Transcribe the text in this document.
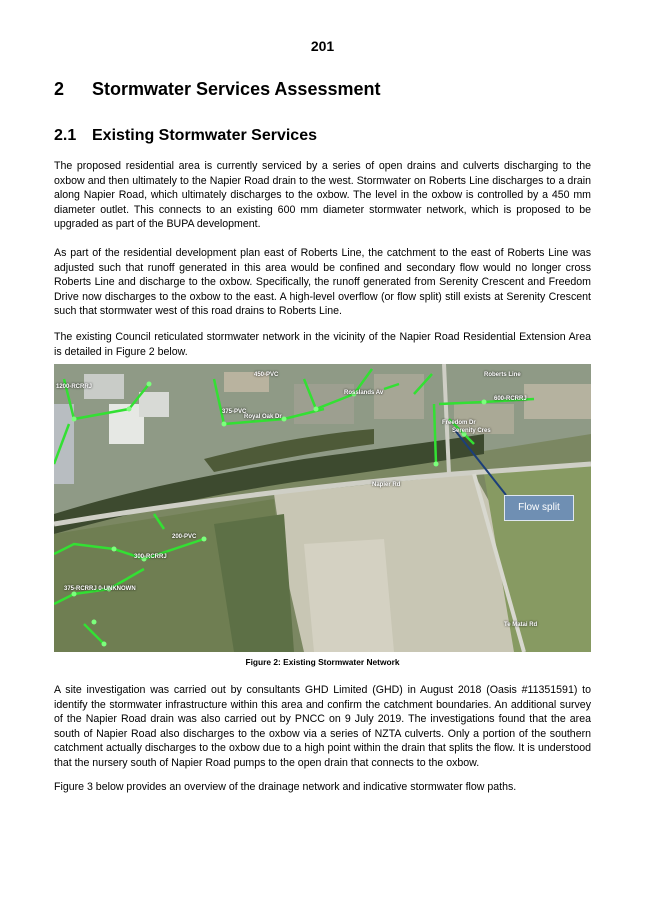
201
2 Stormwater Services Assessment
2.1 Existing Stormwater Services

The proposed residential area is currently serviced by a series of open drains and culverts discharging to the oxbow and then ultimately to the Napier Road drain to the west. Stormwater on Roberts Line discharges to a drain along Napier Road, which ultimately discharges to the oxbow. The level in the oxbow is controlled by a 450 mm diameter outlet. This connects to an existing 600 mm diameter stormwater network, which is proposed to be upgraded as part of the BUPA development.

As part of the residential development plan east of Roberts Line, the catchment to the east of Roberts Line was adjusted such that runoff generated in this area would be confined and secondary flow would no longer cross Roberts Line and discharge to the oxbow. Specifically, the runoff generated from Serenity Crescent and Freedom Drive now discharges to the oxbow to the east. A high-level overflow (or flow split) still exists at Serenity Crescent such that stormwater west of this road drains to Roberts Line.

The existing Council reticulated stormwater network in the vicinity of the Napier Road Residential Extension Area is detailed in Figure 2 below.

Napier Rd
Royal Oak Dr
Freedom Dr
Serenity Cres
Roberts Line
Rosslands Av
375-PVC
600-RCRRJ
300-RCRRJ
200-PVC
450-PVC
1200-RCRRJ
375-RCRRJ 0-UNKNOWN
Te Matai Rd
Flow split
Figure 2: Existing Stormwater Network

A site investigation was carried out by consultants GHD Limited (GHD) in August 2018 (Oasis #11351591) to identify the stormwater infrastructure within this area and confirm the catchment boundaries. An additional survey of the Napier Road drain was also carried out by PNCC on 9 July 2019. The investigations found that the area south of Napier Road also discharges to the oxbow via a series of NZTA culverts. Only a portion of the southern catchment actually discharges to the oxbow due to a high point within the drain that splits the flow. It is understood that the nursery south of Napier Road pumps to the open drain that connects to the oxbow.

Figure 3 below provides an overview of the drainage network and indicative stormwater flow paths.
